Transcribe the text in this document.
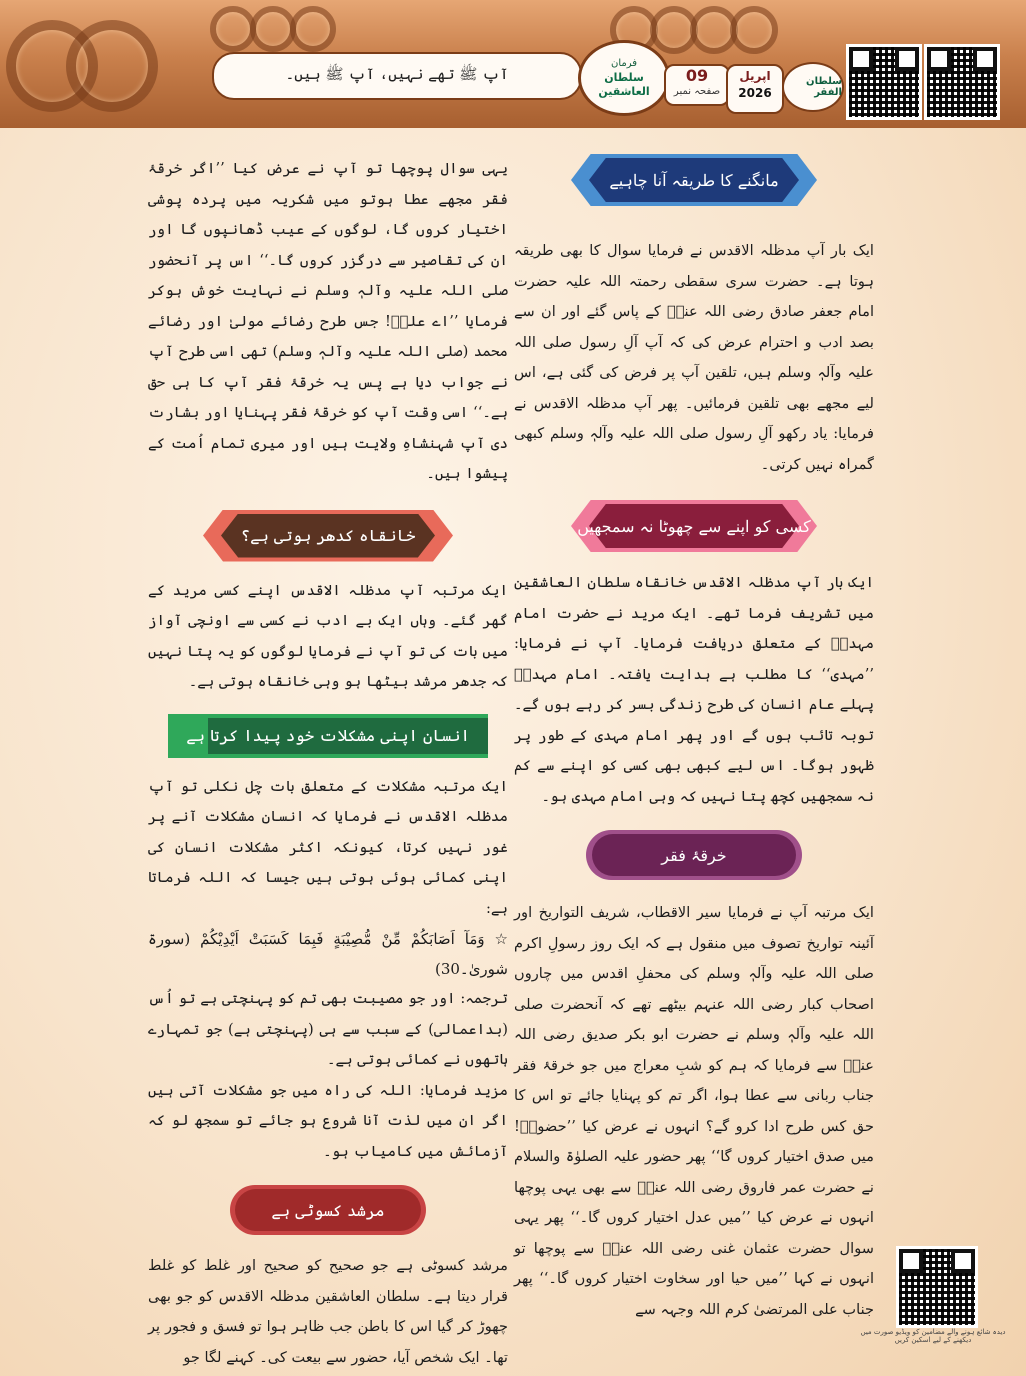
آپ ﷺ تھے نہیں، آپ ﷺ ہیں۔
فرمان
سلطان العاشقین
09
صفحہ نمبر
اپریل
2026
سلطان الفقر
مانگنے کا طریقہ آنا چاہیے

ایک بار آپ مدظلہ الاقدس نے فرمایا سوال کا بھی طریقہ ہوتا ہے۔ حضرت سری سقطی رحمتہ اللہ علیہ حضرت امام جعفر صادق رضی اللہ عنہٗ کے پاس گئے اور ان سے بصد ادب و احترام عرض کی کہ آپ آلِ رسول صلی اللہ علیہ وآلہٖ وسلم ہیں، تلقین آپ پر فرض کی گئی ہے، اس لیے مجھے بھی تلقین فرمائیں۔ پھر آپ مدظلہ الاقدس نے فرمایا: یاد رکھو آلِ رسول صلی اللہ علیہ وآلہٖ وسلم کبھی گمراہ نہیں کرتی۔

کسی کو اپنے سے چھوٹا نہ سمجھیں

ایک بار آپ مدظلہ الاقدس خانقاہ سلطان العاشقین میں تشریف فرما تھے۔ ایک مرید نے حضرت امام مہدیؑ کے متعلق دریافت فرمایا۔ آپ نے فرمایا: ’’مہدی‘‘ کا مطلب ہے ہدایت یافتہ۔ امام مہدیؑ پہلے عام انسان کی طرح زندگی بسر کر رہے ہوں گے۔ توبہ تائب ہوں گے اور پھر امام مہدی کے طور پر ظہور ہوگا۔ اس لیے کبھی بھی کسی کو اپنے سے کم نہ سمجھیں کچھ پتا نہیں کہ وہی امام مہدی ہو۔

خرقۂ فقر

ایک مرتبہ آپ نے فرمایا سیر الاقطاب، شریف التواریخ اور آئینہ تواریخ تصوف میں منقول ہے کہ ایک روز رسولِ اکرم صلی اللہ علیہ وآلہٖ وسلم کی محفلِ اقدس میں چاروں اصحاب کبار رضی اللہ عنہم بیٹھے تھے کہ آنحضرت صلی اللہ علیہ وآلہٖ وسلم نے حضرت ابو بکر صدیق رضی اللہ عنہٗ سے فرمایا کہ ہم کو شبِ معراج میں جو خرقۂ فقر جناب ربانی سے عطا ہوا، اگر تم کو پہنایا جائے تو اس کا حق کس طرح ادا کرو گے؟ انہوں نے عرض کیا ’’حضورؐ! میں صدق اختیار کروں گا‘‘ پھر حضور علیہ الصلوٰۃ والسلام نے حضرت عمر فاروق رضی اللہ عنہٗ سے بھی یہی پوچھا انہوں نے عرض کیا ’’میں عدل اختیار کروں گا۔‘‘ پھر یہی سوال حضرت عثمان غنی رضی اللہ عنہٗ سے پوچھا تو انہوں نے کہا ’’میں حیا اور سخاوت اختیار کروں گا۔‘‘ پھر جناب علی المرتضیٰ کرم اللہ وجہہ سے

یہی سوال پوچھا تو آپ نے عرض کیا ’’اگر خرقۂ فقر مجھے عطا ہوتو میں شکریہ میں پردہ پوشی اختیار کروں گا، لوگوں کے عیب ڈھانپوں گا اور ان کی تقاصیر سے درگزر کروں گا۔‘‘ اس پر آنحضور صلی اللہ علیہ وآلہٖ وسلم نے نہایت خوش ہوکر فرمایا ’’اے علیؑ! جس طرح رضائے مولیٰ اور رضائے محمد (صلی اللہ علیہ وآلہٖ وسلم) تھی اسی طرح آپ نے جواب دیا ہے پس یہ خرقۂ فقر آپ کا ہی حق ہے۔‘‘ اسی وقت آپ کو خرقۂ فقر پہنایا اور بشارت دی آپ شہنشاہِ ولایت ہیں اور میری تمام اُمت کے پیشوا ہیں۔

خانقاہ کدھر ہوتی ہے؟

ایک مرتبہ آپ مدظلہ الاقدس اپنے کسی مرید کے گھر گئے۔ وہاں ایک بے ادب نے کسی سے اونچی آواز میں بات کی تو آپ نے فرمایا لوگوں کو یہ پتا نہیں کہ جدھر مرشد بیٹھا ہو وہی خانقاہ ہوتی ہے۔

انسان اپنی مشکلات خود پیدا کرتا ہے

ایک مرتبہ مشکلات کے متعلق بات چل نکلی تو آپ مدظلہ الاقدس نے فرمایا کہ انسان مشکلات آنے پر غور نہیں کرتا، کیونکہ اکثر مشکلات انسان کی اپنی کمائی ہوئی ہوتی ہیں جیسا کہ اللہ فرماتا ہے:

☆ وَمَآ اَصَابَكُمْ مِّنْ مُّصِيْبَةٍ فَبِمَا كَسَبَتْ اَيْدِيْكُمْ (سورۃ شوریٰ۔30)

ترجمہ: اور جو مصیبت بھی تم کو پہنچتی ہے تو اُس (بداعمالی) کے سبب سے ہی (پہنچتی ہے) جو تمہارے ہاتھوں نے کمائی ہوتی ہے۔

مزید فرمایا: اللہ کی راہ میں جو مشکلات آتی ہیں اگر ان میں لذت آنا شروع ہو جائے تو سمجھ لو کہ آزمائش میں کامیاب ہو۔

مرشد کسوٹی ہے

مرشد کسوٹی ہے جو صحیح کو صحیح اور غلط کو غلط قرار دیتا ہے۔ سلطان العاشقین مدظلہ الاقدس کو جو بھی چھوڑ کر گیا اس کا باطن جب ظاہر ہوا تو فسق و فجور پر تھا۔ ایک شخص آیا، حضور سے بیعت کی۔ کہنے لگا جو

دیدہ شائع ہونے والے مضامین کو ویڈیو صورت میں دیکھنے کے لیے اسکین کریں
